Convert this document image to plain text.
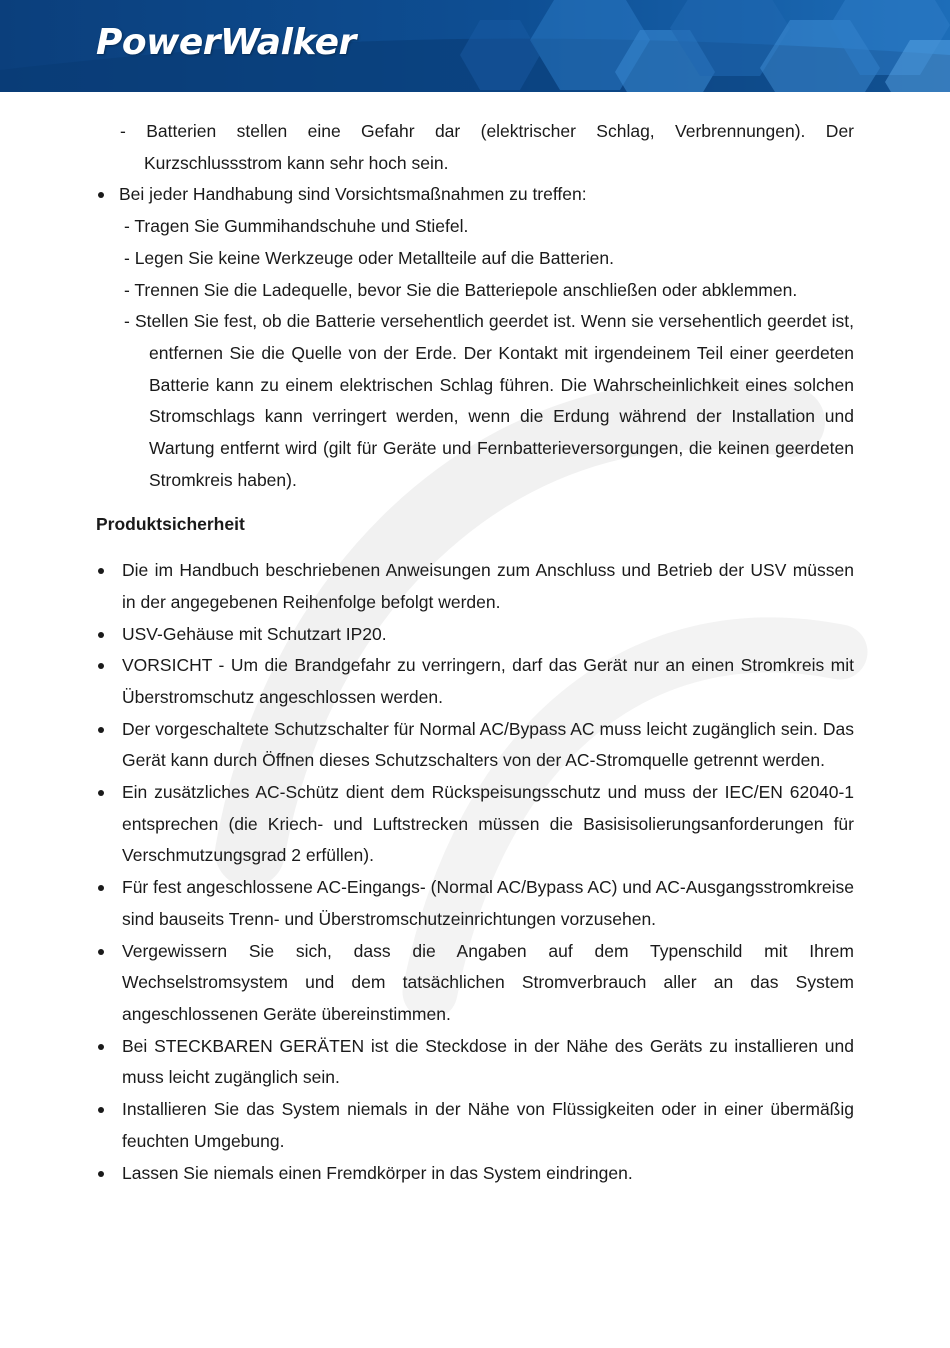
PowerWalker

- Batterien stellen eine Gefahr dar (elektrischer Schlag, Verbrennungen). Der Kurzschlussstrom kann sehr hoch sein.

Bei jeder Handhabung sind Vorsichtsmaßnahmen zu treffen:

- Tragen Sie Gummihandschuhe und Stiefel.

- Legen Sie keine Werkzeuge oder Metallteile auf die Batterien.

- Trennen Sie die Ladequelle, bevor Sie die Batteriepole anschließen oder abklemmen.

- Stellen Sie fest, ob die Batterie versehentlich geerdet ist. Wenn sie versehentlich geerdet ist, entfernen Sie die Quelle von der Erde. Der Kontakt mit irgendeinem Teil einer geerdeten Batterie kann zu einem elektrischen Schlag führen. Die Wahrscheinlichkeit eines solchen Stromschlags kann verringert werden, wenn die Erdung während der Installation und Wartung entfernt wird (gilt für Geräte und Fernbatterieversorgungen, die keinen geerdeten Stromkreis haben).

Produktsicherheit

Die im Handbuch beschriebenen Anweisungen zum Anschluss und Betrieb der USV müssen in der angegebenen Reihenfolge befolgt werden.

USV-Gehäuse mit Schutzart IP20.

VORSICHT - Um die Brandgefahr zu verringern, darf das Gerät nur an einen Stromkreis mit Überstromschutz angeschlossen werden.

Der vorgeschaltete Schutzschalter für Normal AC/Bypass AC muss leicht zugänglich sein. Das Gerät kann durch Öffnen dieses Schutzschalters von der AC-Stromquelle getrennt werden.

Ein zusätzliches AC-Schütz dient dem Rückspeisungsschutz und muss der IEC/EN 62040-1 entsprechen (die Kriech- und Luftstrecken müssen die Basisisolierungsanforderungen für Verschmutzungsgrad 2 erfüllen).

Für fest angeschlossene AC-Eingangs- (Normal AC/Bypass AC) und AC-Ausgangsstromkreise sind bauseits Trenn- und Überstromschutzeinrichtungen vorzusehen.

Vergewissern Sie sich, dass die Angaben auf dem Typenschild mit Ihrem Wechselstromsystem und dem tatsächlichen Stromverbrauch aller an das System angeschlossenen Geräte übereinstimmen.

Bei STECKBAREN GERÄTEN ist die Steckdose in der Nähe des Geräts zu installieren und muss leicht zugänglich sein.

Installieren Sie das System niemals in der Nähe von Flüssigkeiten oder in einer übermäßig feuchten Umgebung.

Lassen Sie niemals einen Fremdkörper in das System eindringen.
